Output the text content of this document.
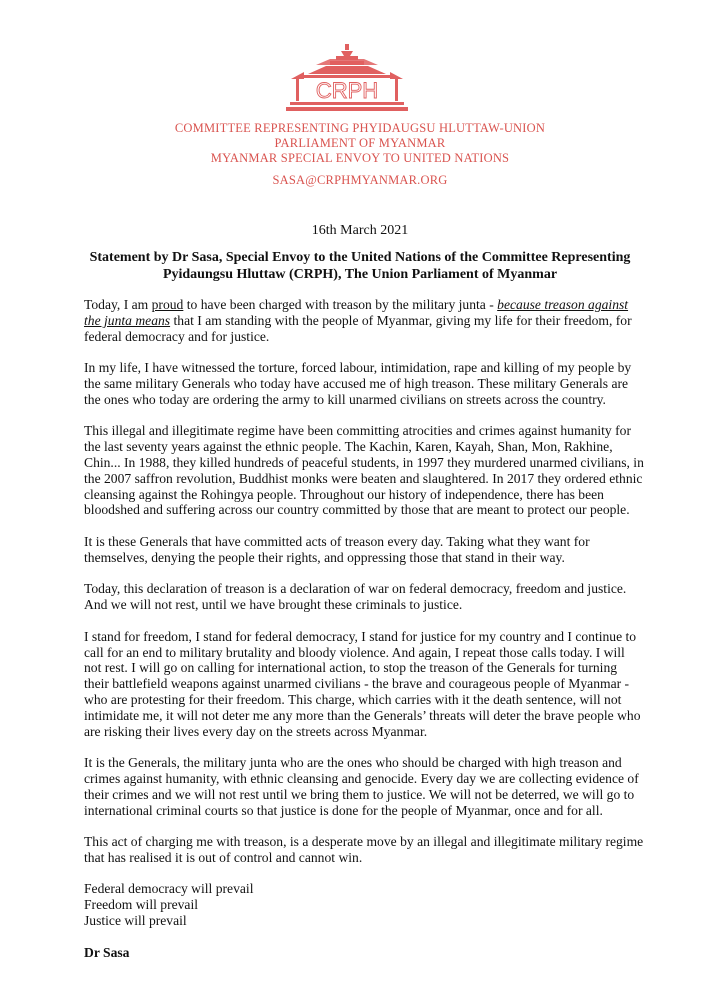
CRPH
COMMITTEE REPRESENTING PHYIDAUGSU HLUTTAW-UNION
PARLIAMENT OF MYANMAR
MYANMAR SPECIAL ENVOY TO UNITED NATIONS
SASA@CRPHMYANMAR.ORG
16th March 2021
Statement by Dr Sasa, Special Envoy to the United Nations of the Committee Representing Pyidaungsu Hluttaw (CRPH), The Union Parliament of Myanmar

Today, I am proud to have been charged with treason by the military junta - because treason against the junta means that I am standing with the people of Myanmar, giving my life for their freedom, for federal democracy and for justice.

In my life, I have witnessed the torture, forced labour, intimidation, rape and killing of my people by the same military Generals who today have accused me of high treason. These military Generals are the ones who today are ordering the army to kill unarmed civilians on streets across the country.

This illegal and illegitimate regime have been committing atrocities and crimes against humanity for the last seventy years against the ethnic people. The Kachin, Karen, Kayah, Shan, Mon, Rakhine, Chin... In 1988, they killed hundreds of peaceful students, in 1997 they murdered unarmed civilians, in the 2007 saffron revolution, Buddhist monks were beaten and slaughtered. In 2017 they ordered ethnic cleansing against the Rohingya people. Throughout our history of independence, there has been bloodshed and suffering across our country committed by those that are meant to protect our people.

It is these Generals that have committed acts of treason every day. Taking what they want for themselves, denying the people their rights, and oppressing those that stand in their way.

Today, this declaration of treason is a declaration of war on federal democracy, freedom and justice. And we will not rest, until we have brought these criminals to justice.

I stand for freedom, I stand for federal democracy, I stand for justice for my country and I continue to call for an end to military brutality and bloody violence. And again, I repeat those calls today. I will not rest. I will go on calling for international action, to stop the treason of the Generals for turning their battlefield weapons against unarmed civilians - the brave and courageous people of Myanmar - who are protesting for their freedom. This charge, which carries with it the death sentence, will not intimidate me, it will not deter me any more than the Generals’ threats will deter the brave people who are risking their lives every day on the streets across Myanmar.

It is the Generals, the military junta who are the ones who should be charged with high treason and crimes against humanity, with ethnic cleansing and genocide. Every day we are collecting evidence of their crimes and we will not rest until we bring them to justice. We will not be deterred, we will go to international criminal courts so that justice is done for the people of Myanmar, once and for all.

This act of charging me with treason, is a desperate move by an illegal and illegitimate military regime that has realised it is out of control and cannot win.

Federal democracy will prevail
Freedom will prevail
Justice will prevail
Dr Sasa
